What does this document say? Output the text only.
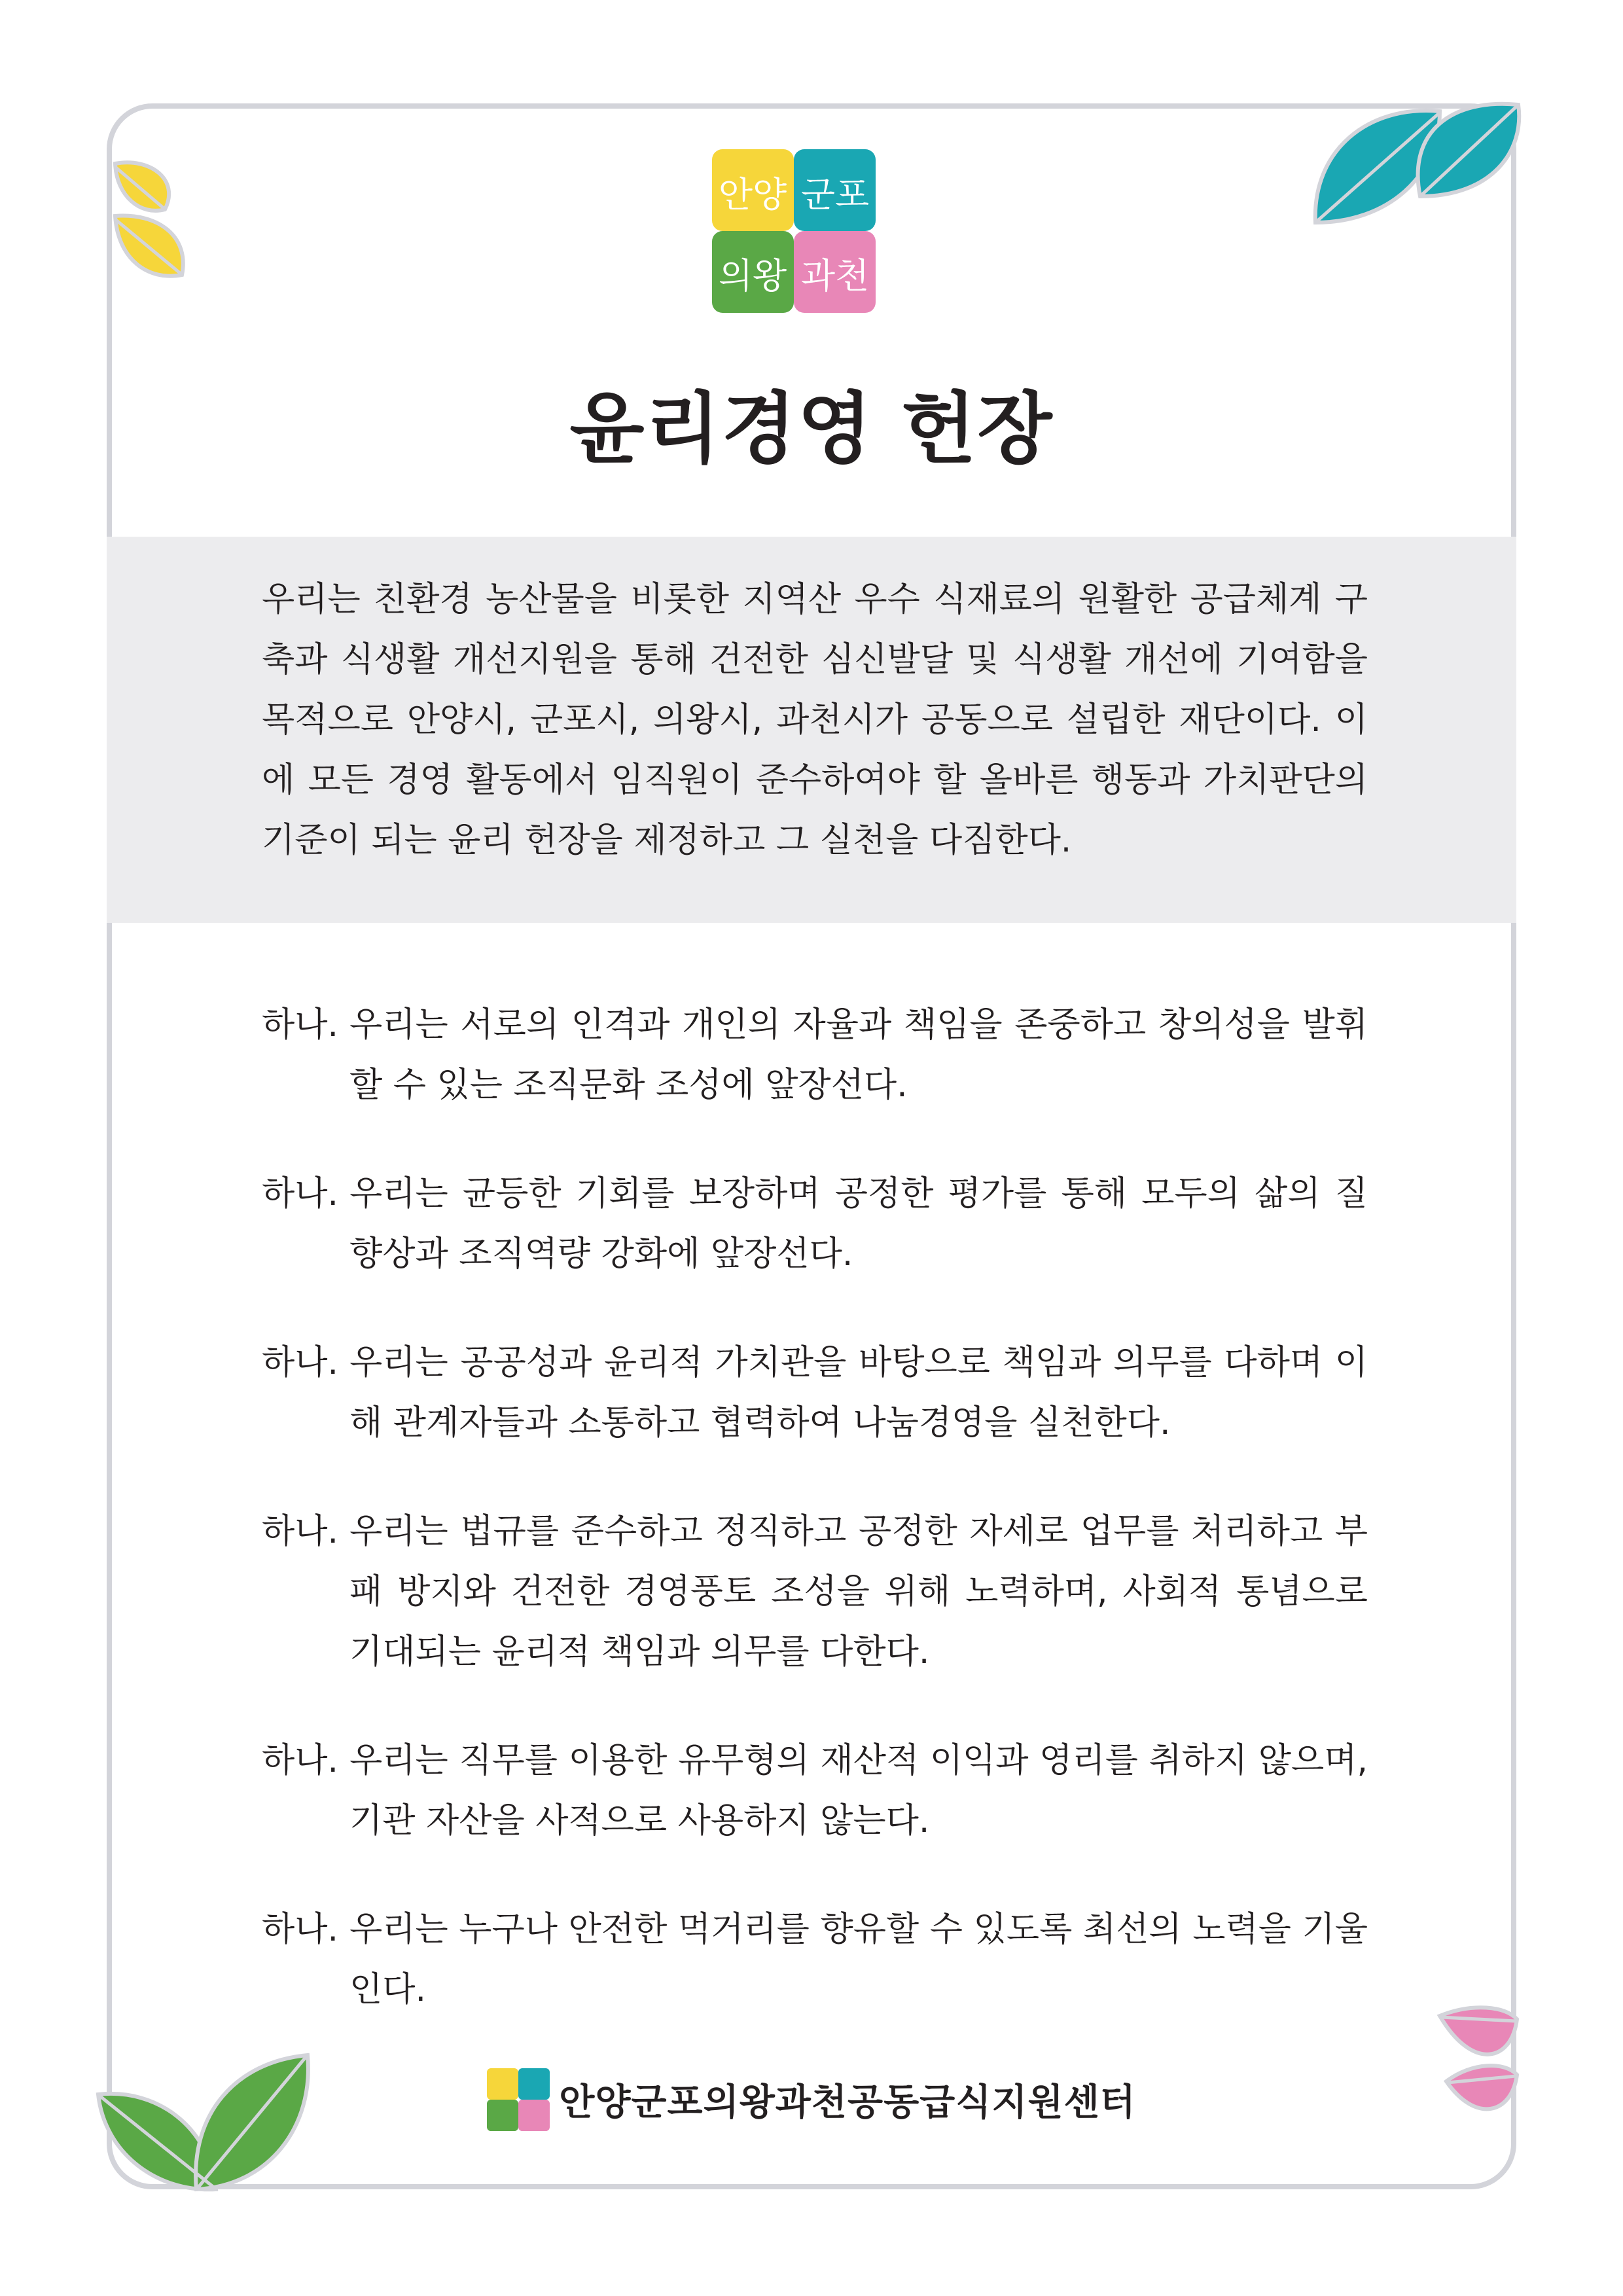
안양 군포
의왕 과천
윤리경영 헌장

우리는 친환경 농산물을 비롯한 지역산 우수 식재료의 원활한 공급체계 구축과 식생활 개선지원을 통해 건전한 심신발달 및 식생활 개선에 기여함을 목적으로 안양시, 군포시, 의왕시, 과천시가 공동으로 설립한 재단이다. 이에 모든 경영 활동에서 임직원이 준수하여야 할 올바른 행동과 가치판단의 기준이 되는 윤리 헌장을 제정하고 그 실천을 다짐한다.

하나. 우리는 서로의 인격과 개인의 자율과 책임을 존중하고 창의성을 발휘할 수 있는 조직문화 조성에 앞장선다.
하나. 우리는 균등한 기회를 보장하며 공정한 평가를 통해 모두의 삶의 질 향상과 조직역량 강화에 앞장선다.
하나. 우리는 공공성과 윤리적 가치관을 바탕으로 책임과 의무를 다하며 이해 관계자들과 소통하고 협력하여 나눔경영을 실천한다.
하나. 우리는 법규를 준수하고 정직하고 공정한 자세로 업무를 처리하고 부패 방지와 건전한 경영풍토 조성을 위해 노력하며, 사회적 통념으로 기대되는 윤리적 책임과 의무를 다한다.
하나. 우리는 직무를 이용한 유무형의 재산적 이익과 영리를 취하지 않으며, 기관 자산을 사적으로 사용하지 않는다.
하나. 우리는 누구나 안전한 먹거리를 향유할 수 있도록 최선의 노력을 기울인다.
안양군포의왕과천공동급식지원센터
